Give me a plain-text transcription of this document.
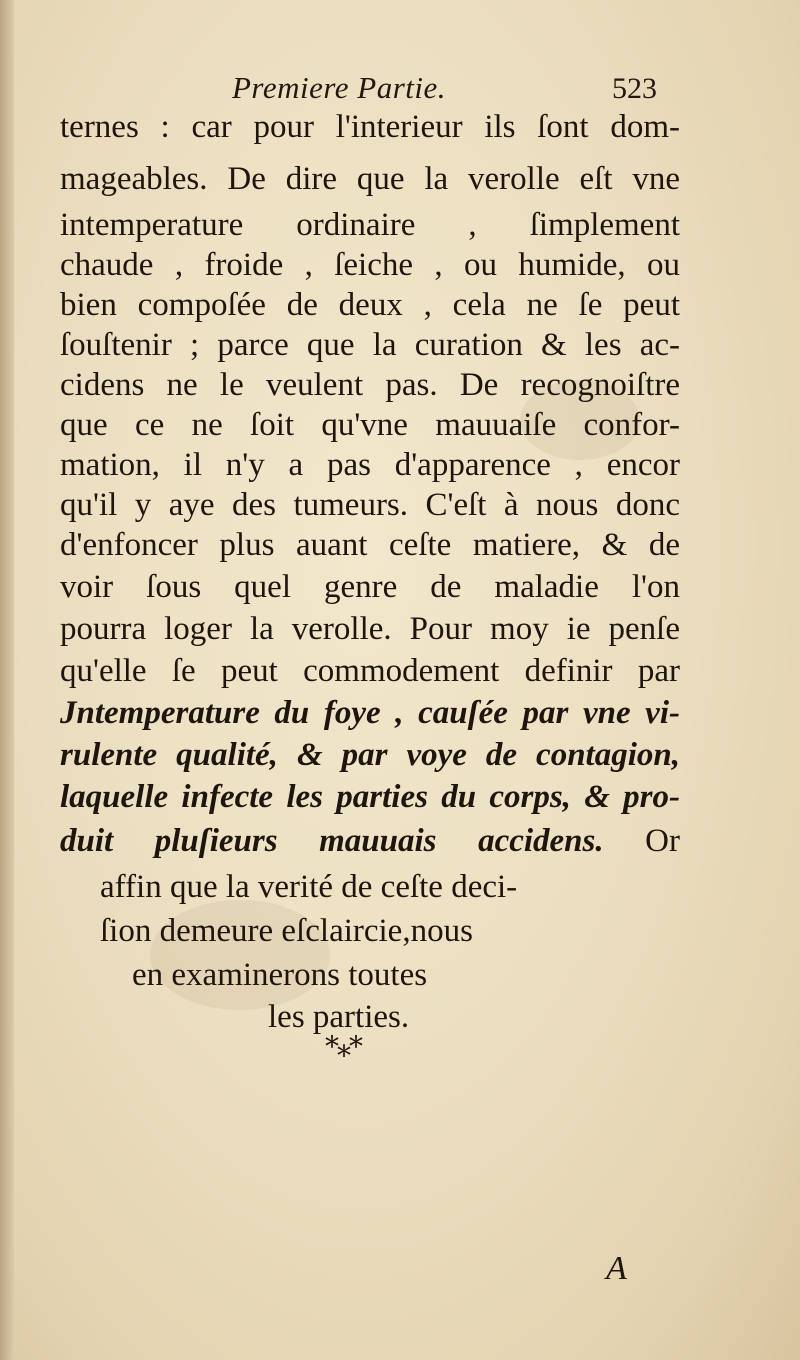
Premiere Partie.	523
ternes : car pour l'interieur ils ſont dom-
mageables. De dire que la verolle eſt vne
intemperature ordinaire , ſimplement
chaude , froide , ſeiche , ou humide, ou
bien compoſée de deux , cela ne ſe peut
ſouſtenir ; parce que la curation & les ac-
cidens ne le veulent pas. De recognoiſtre
que ce ne ſoit qu'vne mauuaiſe confor-
mation, il n'y a pas d'apparence , encor
qu'il y aye des tumeurs. C'eſt à nous donc
d'enfoncer plus auant ceſte matiere, & de
voir ſous quel genre de maladie l'on
pourra loger la verolle. Pour moy ie penſe
qu'elle ſe peut commodement definir par
Jntemperature du foye , cauſée par vne vi-
rulente qualité, & par voye de contagion,
laquelle infecte les parties du corps, & pro-
duit pluſieurs mauuais accidens. Or
affin que la verité de ceſte deci-
ſion demeure eſclaircie,nous
en examinerons toutes
les parties.
*⁎*
A
